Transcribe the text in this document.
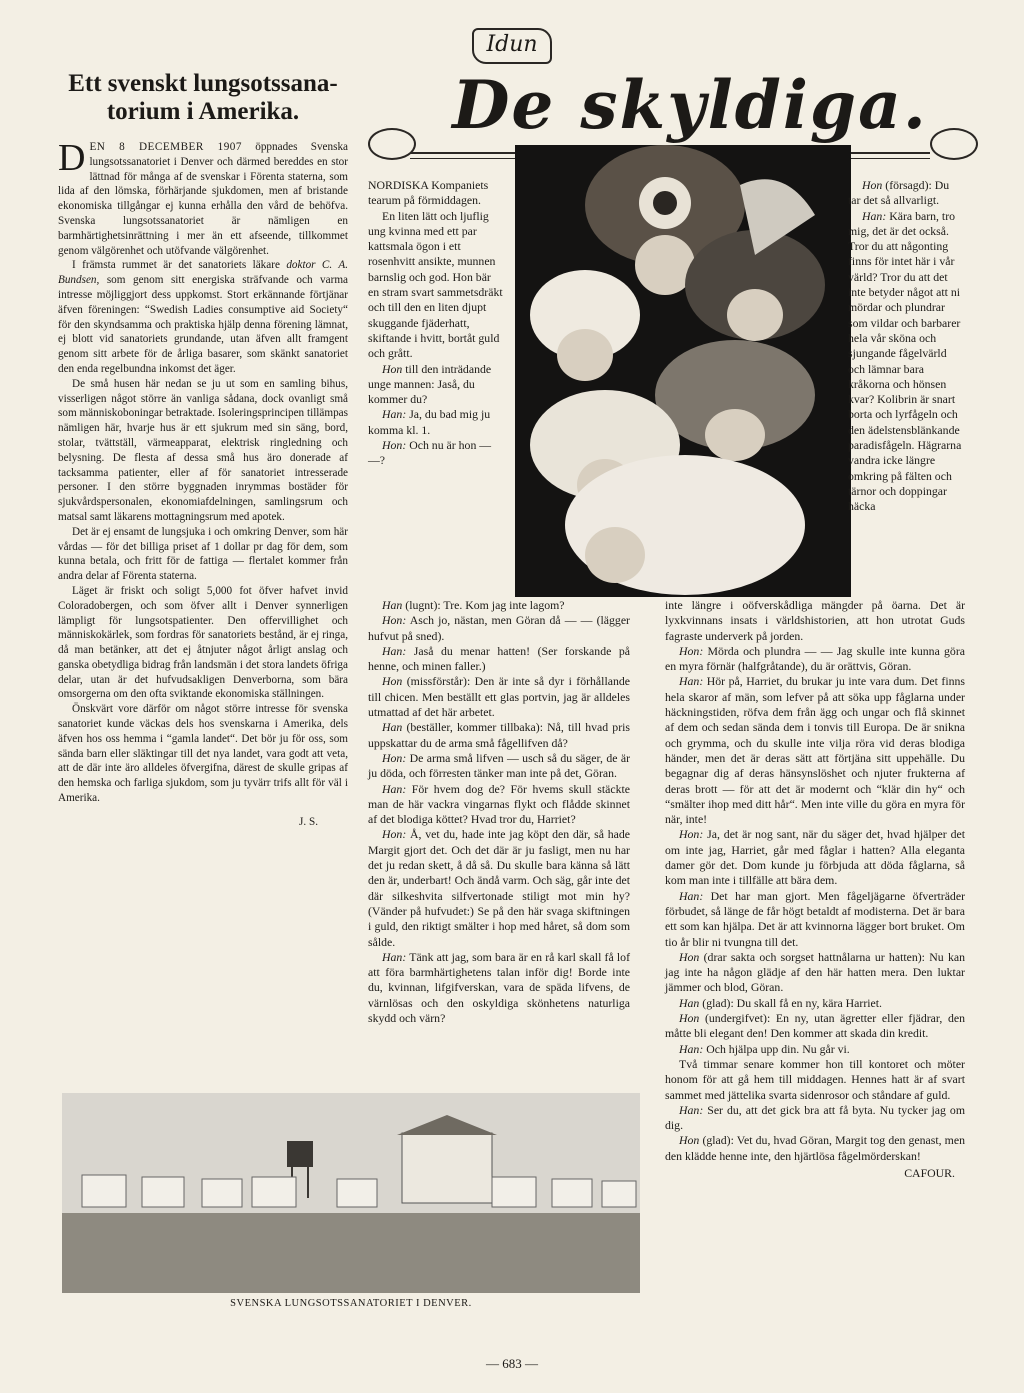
Ett svenskt lungsotssana-
torium i Amerika.

DEN 8 DECEMBER 1907 öppnades Svenska lungsotssanatoriet i Denver och därmed bereddes en stor lättnad för många af de svenskar i Förenta staterna, som lida af den lömska, förhärjande sjukdomen, men af bristande ekonomiska tillgångar ej kunna erhålla den vård de behöfva. Svenska lungsotssanatoriet är nämligen en barmhärtighetsinrättning i mer än ett afseende, tillkommet genom välgörenhet och utöfvande välgörenhet.

I främsta rummet är det sanatoriets läkare doktor C. A. Bundsen, som genom sitt energiska sträfvande och varma intresse möjliggjort dess uppkomst. Stort erkännande förtjänar äfven föreningen: “Swedish Ladies consumptive aid Society“ för den skyndsamma och praktiska hjälp denna förening lämnat, ej blott vid sanatoriets grundande, utan äfven allt framgent genom sitt arbete för de årliga basarer, som skänkt sanatoriet den enda regelbundna inkomst det äger.

De små husen här nedan se ju ut som en samling bihus, visserligen något större än vanliga sådana, dock ovanligt små som människoboningar betraktade. Isoleringsprincipen tillämpas nämligen här, hvarje hus är ett sjukrum med sin säng, bord, stolar, tvättställ, värmeapparat, elektrisk ringledning och belysning. De flesta af dessa små hus äro donerade af tacksamma patienter, eller af för sanatoriet intresserade personer. I den större byggnaden inrymmas bostäder för sjukvårdspersonalen, ekonomiafdelningen, samlingsrum och matsal samt läkarens mottagningsrum med apotek.

Det är ej ensamt de lungsjuka i och omkring Denver, som här vårdas — för det billiga priset af 1 dollar pr dag för dem, som kunna betala, och fritt för de fattiga — flertalet kommer från andra delar af Förenta staterna.

Läget är friskt och soligt 5,000 fot öfver hafvet invid Coloradobergen, och som öfver allt i Denver synnerligen lämpligt för lungsotspatienter. Den offervillighet och människokärlek, som fordras för sanatoriets bestånd, är ej ringa, då man betänker, att det ej åtnjuter något årligt anslag och ganska obetydliga bidrag från landsmän i det stora landets öfriga delar, utan är det hufvudsakligen Denverborna, som bära omsorgerna om den ofta sviktande ekonomiska ställningen.

Önskvärt vore därför om något större intresse för svenska sanatoriet kunde väckas dels hos svenskarna i Amerika, dels äfven hos oss hemma i “gamla landet“. Det bör ju för oss, som sända barn eller släktingar till det nya landet, vara godt att veta, att de där inte äro alldeles öfvergifna, därest de skulle gripas af den hemska och farliga sjukdom, som ju tyvärr trifs allt för väl i Amerika.

J. S.
Idun
De skyldiga.

NORDISKA Kompaniets tearum på förmiddagen.

En liten lätt och ljuflig ung kvinna med ett par kattsmala ögon i ett rosenhvitt ansikte, munnen barnslig och god. Hon bär en stram svart sammetsdräkt och till den en liten djupt skuggande fjäderhatt, skiftande i hvitt, bortåt guld och grått.

Hon till den inträdande unge mannen: Jaså, du kommer du?

Han: Ja, du bad mig ju komma kl. 1.

Hon: Och nu är hon — —?

Hon (försagd): Du tar det så allvarligt.

Han: Kära barn, tro mig, det är det också. Tror du att någonting finns för intet här i vår värld? Tror du att det inte betyder något att ni mördar och plundrar som vildar och barbarer hela vår sköna och sjungande fågelvärld och lämnar bara kråkorna och hönsen kvar? Kolibrin är snart borta och lyrfågeln och den ädelstensblänkande paradisfågeln. Hägrarna vandra icke längre omkring på fälten och tärnor och doppingar häcka

Han (lugnt): Tre. Kom jag inte lagom?

Hon: Asch jo, nästan, men Göran då — — (lägger hufvut på sned).

Han: Jaså du menar hatten! (Ser forskande på henne, och minen faller.)

Hon (missförstår): Den är inte så dyr i förhållande till chicen. Men beställt ett glas portvin, jag är alldeles utmattad af det här arbetet.

Han (beställer, kommer tillbaka): Nå, till hvad pris uppskattar du de arma små fågellifven då?

Hon: De arma små lifven — usch så du säger, de är ju döda, och förresten tänker man inte på det, Göran.

Han: För hvem dog de? För hvems skull stäckte man de här vackra vingarnas flykt och flådde skinnet af det blodiga köttet? Hvad tror du, Harriet?

Hon: Å, vet du, hade inte jag köpt den där, så hade Margit gjort det. Och det där är ju fasligt, men nu har det ju redan skett, å då så. Du skulle bara känna så lätt den är, underbart! Och ändå varm. Och säg, går inte det där silkeshvita silfvertonade stiligt mot min hy? (Vänder på hufvudet:) Se på den här svaga skiftningen i guld, den riktigt smälter i hop med håret, så dom som sålde.

Han: Tänk att jag, som bara är en rå karl skall få lof att föra barmhärtighetens talan inför dig! Borde inte du, kvinnan, lifgifverskan, vara de späda lifvens, de värnlösas och den oskyldiga skönhetens naturliga skydd och värn?

inte längre i oöfverskådliga mängder på öarna. Det är lyxkvinnans insats i världshistorien, att hon utrotat Guds fagraste underverk på jorden.

Hon: Mörda och plundra — — Jag skulle inte kunna göra en myra förnär (halfgråtande), du är orättvis, Göran.

Han: Hör på, Harriet, du brukar ju inte vara dum. Det finns hela skaror af män, som lefver på att söka upp fåglarna under häckningstiden, röfva dem från ägg och ungar och flå skinnet af dem och sedan sända dem i tonvis till Europa. De är snikna och grymma, och du skulle inte vilja röra vid deras blodiga händer, men det är deras sätt att förtjäna sitt uppehälle. Du begagnar dig af deras hänsynslöshet och njuter frukterna af deras brott — för att det är modernt och “klär din hy“ och “smälter ihop med ditt hår“. Men inte ville du göra en myra för när, inte!

Hon: Ja, det är nog sant, när du säger det, hvad hjälper det om inte jag, Harriet, går med fåglar i hatten? Alla eleganta damer gör det. Dom kunde ju förbjuda att döda fåglarna, så kom man inte i tillfälle att bära dem.

Han: Det har man gjort. Men fågeljägarne öfverträder förbudet, så länge de får högt betaldt af modisterna. Det är bara ett som kan hjälpa. Det är att kvinnorna lägger bort bruket. Om tio år blir ni tvungna till det.

Hon (drar sakta och sorgset hattnålarna ur hatten): Nu kan jag inte ha någon glädje af den här hatten mera. Den luktar jämmer och blod, Göran.

Han (glad): Du skall få en ny, kära Harriet.

Hon (undergifvet): En ny, utan ägretter eller fjädrar, den måtte bli elegant den! Den kommer att skada din kredit.

Han: Och hjälpa upp din. Nu går vi.

Två timmar senare kommer hon till kontoret och möter honom för att gå hem till middagen. Hennes hatt är af svart sammet med jättelika svarta sidenrosor och ståndare af guld.

Han: Ser du, att det gick bra att få byta. Nu tycker jag om dig.

Hon (glad): Vet du, hvad Göran, Margit tog den genast, men den klädde henne inte, den hjärtlösa fågelmörderskan!

CAFOUR.
SVENSKA LUNGSOTSSANATORIET I DENVER.
— 683 —
